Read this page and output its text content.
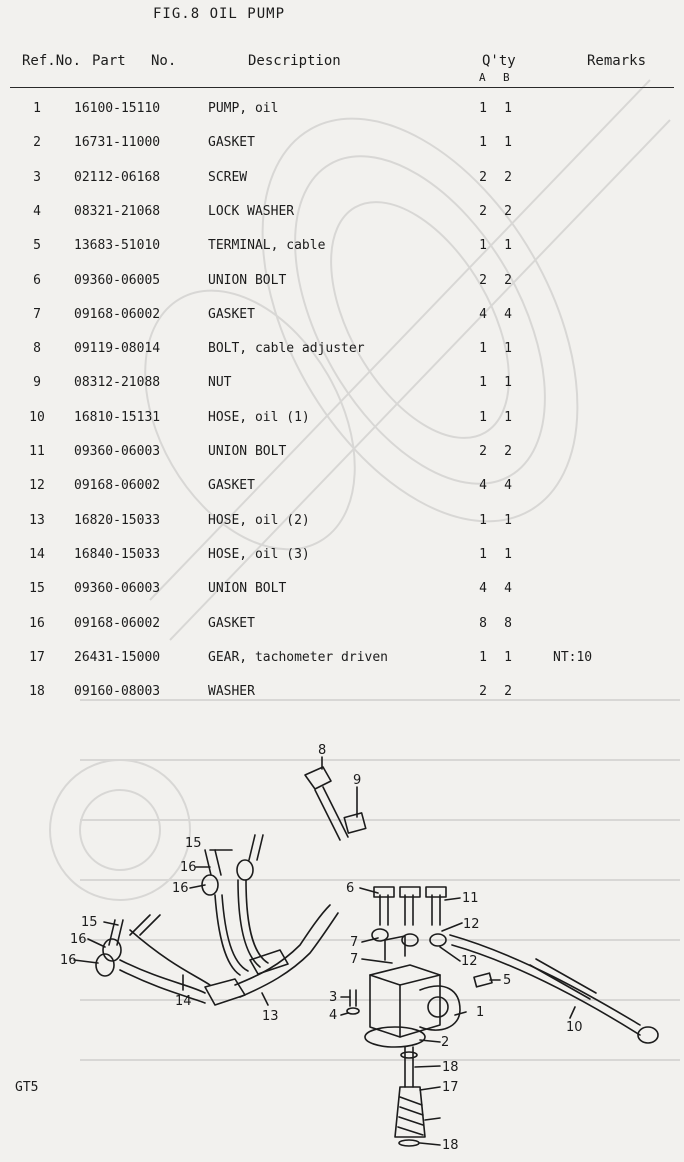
FIG.8 OIL PUMP
Ref.No. Part   No.	Description	Q'ty
A B
Remarks
1	16100-15110	PUMP, oil	1 1
2	16731-11000	GASKET	1 1
3	02112-06168	SCREW	2 2
4	08321-21068	LOCK WASHER	2 2
5	13683-51010	TERMINAL, cable	1 1
6	09360-06005	UNION BOLT	2 2
7	09168-06002	GASKET	4 4
8	09119-08014	BOLT, cable adjuster	1 1
9	08312-21088	NUT	1 1
10	16810-15131	HOSE, oil (1)	1 1
11	09360-06003	UNION BOLT	2 2
12	09168-06002	GASKET	4 4
13	16820-15033	HOSE, oil (2)	1 1
14	16840-15033	HOSE, oil (3)	1 1
15	09360-06003	UNION BOLT	4 4
16	09168-06002	GASKET	8 8
17	26431-15000	GEAR, tachometer driven	1 1	NT:10
18	09160-08003	WASHER	2 2
1
2
3
4
5
6
7
7
8
9
10
11
12
12
13
14
15
15
16
16
16
16
17
18
18
GT5
